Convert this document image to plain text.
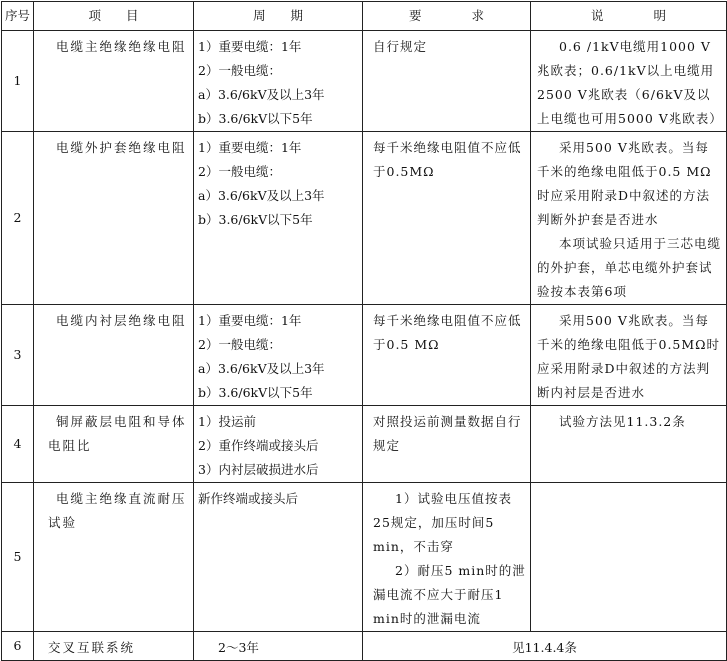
序号	项　　目	周　　期	要　　　　求	说　　　　明
1	电缆主绝缘绝缘电阻	1）重要电缆：1年
2）一般电缆：
a）3.6/6kV及以上3年
b）3.6/6kV以下5年	自行规定	0.6 /1kV电缆用1000 V兆欧表；0.6/1kV以上电缆用2500 V兆欧表（6/6kV及以上电缆也可用5000 V兆欧表）

2	电缆外护套绝缘电阻	1）重要电缆：1年
2）一般电缆：
a）3.6/6kV及以上3年
b）3.6/6kV以下5年	每千米绝缘电阻值不应低于0.5MΩ	采用500 V兆欧表。当每千米的绝缘电阻低于0.5 MΩ时应采用附录D中叙述的方法判断外护套是否进水
本项试验只适用于三芯电缆的外护套，单芯电缆外护套试验按本表第6项

3	电缆内衬层绝缘电阻	1）重要电缆：1年
2）一般电缆：
a）3.6/6kV及以上3年
b）3.6/6kV以下5年	每千米绝缘电阻值不应低于0.5 MΩ	采用500 V兆欧表。当每千米的绝缘电阻低于0.5MΩ时应采用附录D中叙述的方法判断内衬层是否进水

4	铜屏蔽层电阻和导体电阻比	1）投运前
2）重作终端或接头后
3）内衬层破损进水后	对照投运前测量数据自行规定	试验方法见11.3.2条

5	电缆主绝缘直流耐压试验	新作终端或接头后	1）试验电压值按表25规定，加压时间5 min，不击穿
2）耐压5 min时的泄漏电流不应大于耐压1 min时的泄漏电流	

6	交叉互联系统	2～3年	见11.4.4条	
